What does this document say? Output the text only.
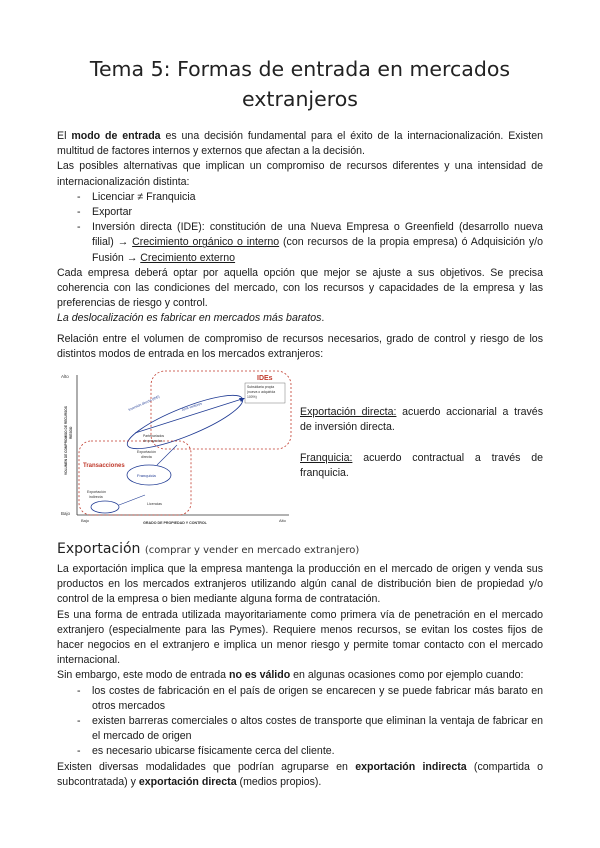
Tema 5: Formas de entrada en mercados extranjeros
El modo de entrada es una decisión fundamental para el éxito de la internacionalización. Existen multitud de factores internos y externos que afectan a la decisión.
Las posibles alternativas que implican un compromiso de recursos diferentes y una intensidad de internacionalización distinta:
- Licenciar ≠ Franquicia
- Exportar
- Inversión directa (IDE): constitución de una Nueva Empresa o Greenfield (desarrollo nueva filial) → Crecimiento orgánico o interno (con recursos de la propia empresa) ó Adquisición y/o Fusión → Crecimiento externo
Cada empresa deberá optar por aquella opción que mejor se ajuste a sus objetivos. Se precisa coherencia con las condiciones del mercado, con los recursos y capacidades de la empresa y las preferencias de riesgo y control.
La deslocalización es fabricar en mercados más baratos.
Relación entre el volumen de compromiso de recursos necesarios, grado de control y riesgo de los distintos modos de entrada en los mercados extranjeros:
Alto
Bajo
Bajo	Alto
GRADO DE PROPIEDAD Y CONTROL
VOLUMEN DE COMPROMISO DE RECURSOS RIESGO
IDEs
Subsidiaria propia
(nueva o adquirida
100%)
Inversión directa (IDE)	Joint ventures
Partenariados
de proyectos
Transacciones
Exportación
directa
Franquicia
Licencias
Exportación
indirecta
Exportación directa: acuerdo accionarial a través de inversión directa.
Franquicia: acuerdo contractual a través de franquicia.
Exportación (comprar y vender en mercado extranjero)
La exportación implica que la empresa mantenga la producción en el mercado de origen y venda sus productos en los mercados extranjeros utilizando algún canal de distribución bien de propiedad y/o control de la empresa o bien mediante alguna forma de contratación.
Es una forma de entrada utilizada mayoritariamente como primera vía de penetración en el mercado extranjero (especialmente para las Pymes). Requiere menos recursos, se evitan los costes fijos de hacer negocios en el extranjero e implica un menor riesgo y permite tomar contacto con el mercado internacional.
Sin embargo, este modo de entrada no es válido en algunas ocasiones como por ejemplo cuando:
- los costes de fabricación en el país de origen se encarecen y se puede fabricar más barato en otros mercados
- existen barreras comerciales o altos costes de transporte que eliminan la ventaja de fabricar en el mercado de origen
- es necesario ubicarse físicamente cerca del cliente.
Existen diversas modalidades que podrían agruparse en exportación indirecta (compartida o subcontratada) y exportación directa (medios propios).
